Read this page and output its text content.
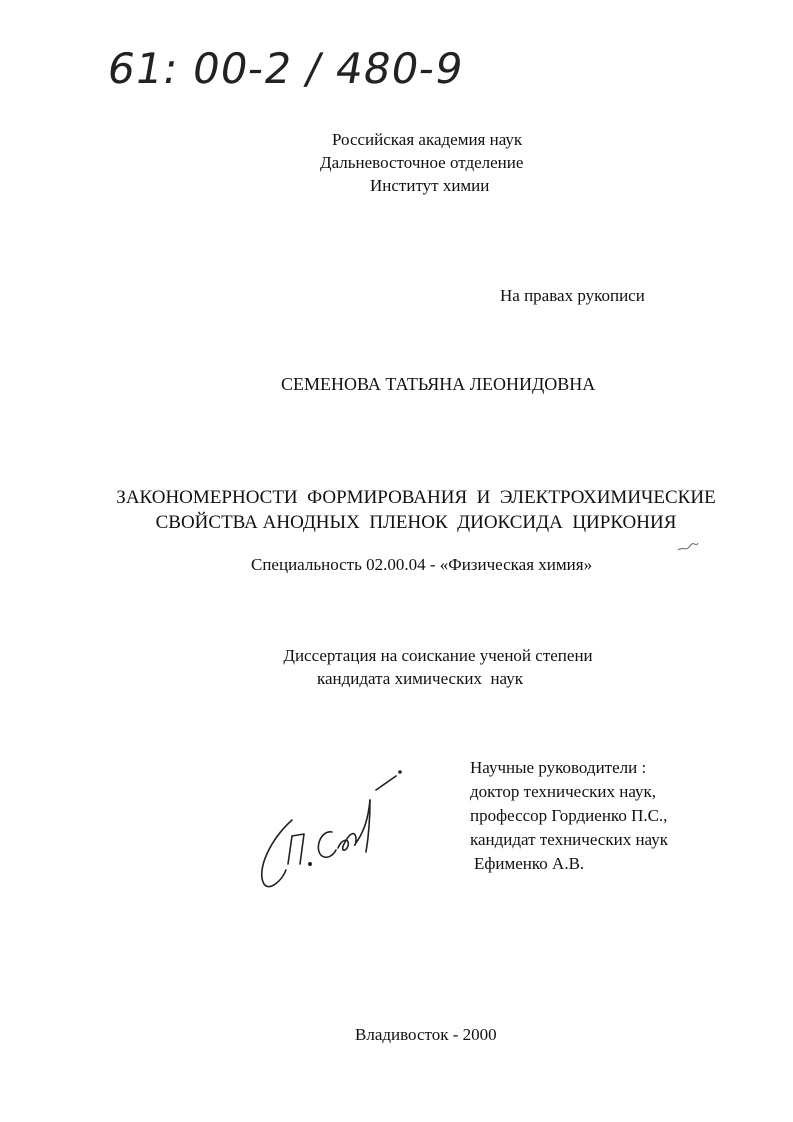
61: 00-2 / 480-9
Российская академия наук
Дальневосточное отделение
Институт химии
На правах рукописи
СЕМЕНОВА ТАТЬЯНА ЛЕОНИДОВНА
ЗАКОНОМЕРНОСТИ  ФОРМИРОВАНИЯ  И  ЭЛЕКТРОХИМИЧЕСКИЕ
СВОЙСТВА АНОДНЫХ  ПЛЕНОК  ДИОКСИДА  ЦИРКОНИЯ
Специальность 02.00.04 - «Физическая химия»
Диссертация на соискание ученой степени
кандидата химических  наук
Научные руководители :
доктор технических наук,
профессор Гордиенко П.С.,
кандидат технических наук
Ефименко А.В.
Владивосток - 2000
